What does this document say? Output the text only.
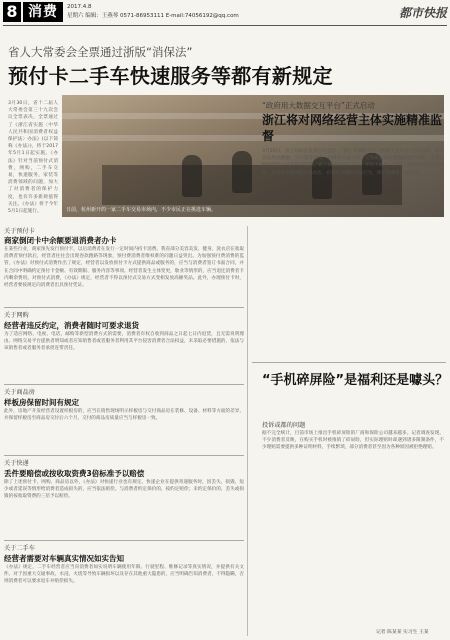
8 消费	2017.4.8
星期六 编辑：王燕琴 0571-86953111 E-mail:74056192@qq.com	都市快报
省人大常委会全票通过浙版“消保法”
预付卡二手车快速服务等都有新规定
3月30日，省十二届人大常委会第三十九次会议全票表决，全票通过了《浙江省实施〈中华人民共和国消费者权益保护法〉办法》(以下简称《办法》)，将于2017年5月1日起实施。《办法》针对当前预付式消费，网购，二手车交易，快递服务，家装等消费领域的问题，加大了对消费者的保护力度，也有许多新规值得关注。《办法》将于今年5月1日起施行。	日前，杭州新开的一家二手车交易市场内，不少市民正在挑选车辆。
关于预付卡
商家倒闭卡中余额要退消费者办卡
在某些行业，商家预先发行预付卡，以后消费者在发行一定时间内持卡消费。我省部分美容美发、健身、洗衣店在收取消费者预付款后，经营者往往会出现卷款跑路等现象，预付费消费者维权难的问题日益突出。为加强预付费消费的监管，《办法》对预付式消费作出了规定，经营者以发放预付卡方式提供商品或服务的，应当与消费者签订书面合同，并在合同中明确约定预付卡金额、有效期限、服务内容等事项。经营者发生主体变更，歇业等情形的，应当退还消费者卡内剩余费用。对预付式消费，《办法》规定，经营者不得以预付式交易方式变相发放高额奖品。此外，办理预付卡时，经营者要按规定向消费者出具预付凭证。
关于网购
经营者违反约定，消费者随时可要求退货
为了适应网络、电视、电话、邮购等新型消费方式的需要，消费者有权自收到商品之日起七日内退货，且无需说明理由。网络交易平台提供者明知或者应知销售者或者服务者利用其平台侵害消费者合法权益，未采取必要措施的，依法与该销售者或者服务者承担连带责任。
关于商品房
样板房保留时间有规定
此外，房地产开发经营者设置样板房的，应当在销售现场明示样板房与交付商品房在装修、设备、材料等方面的差异，并保留样板房至商品房交付后六个月，交付的商品房质量应当与样板房一致。
关于快递
丢件要赔偿或按收取资费3倍标准予以赔偿
除了上述预付卡、网购、商品房以外，《办法》对快递行业也有规定。快递企业在提供寄递服务时，因丢失、损毁、短少或者延误等情形给消费者造成损失的，应当依法赔偿。与消费者约定保价的，按约定赔偿；未约定保价的，丢失或损毁的按收取资费的三倍予以赔偿。
关于二手车
经营者需要对车辆真实情况如实告知
《办法》规定，二手车经营者应当向消费者如实说明车辆使用年限、行驶里程、维修记录等真实情况，并提供有关文件。对于因重大交通事故、水浸、火烧等导致车辆损坏以及存在其他重大隐患的，应当明确告知消费者，不得隐瞒，否则消费者可以要求退车并赔偿损失。
“政府用大数据交互平台”正式启动
浙江将对网络经营主体实施精准监督
3月29日，省工商局在杭州召开会议，“浙江省网络交易大数据交互平台”正式启动。该平台运用大数据、云计算等技术，对网络交易主体、交易商品等海量数据进行分析，实现对网络经营主体的精准监管。省工商局副局长表示，平台上线后，全省工商系统将能更加及时、准确地掌握网络市场动态，有效打击网络违法行为，保护消费者合法权益。
“手机碎屏险”是福利还是噱头？
投诉或都的问题
据不完全统计，目前市场上推出手机碎屏险的厂商和保险公司越来越多。记者调查发现，不少消费者反映，在购买手机时被推销了碎屏险，但实际理赔时却遇到诸多限制条件，不少理赔需要提供多种证明材料，手续繁琐，部分消费者甚至因为各种原因被拒绝理赔。
记者 陈某某 实习生 王某
